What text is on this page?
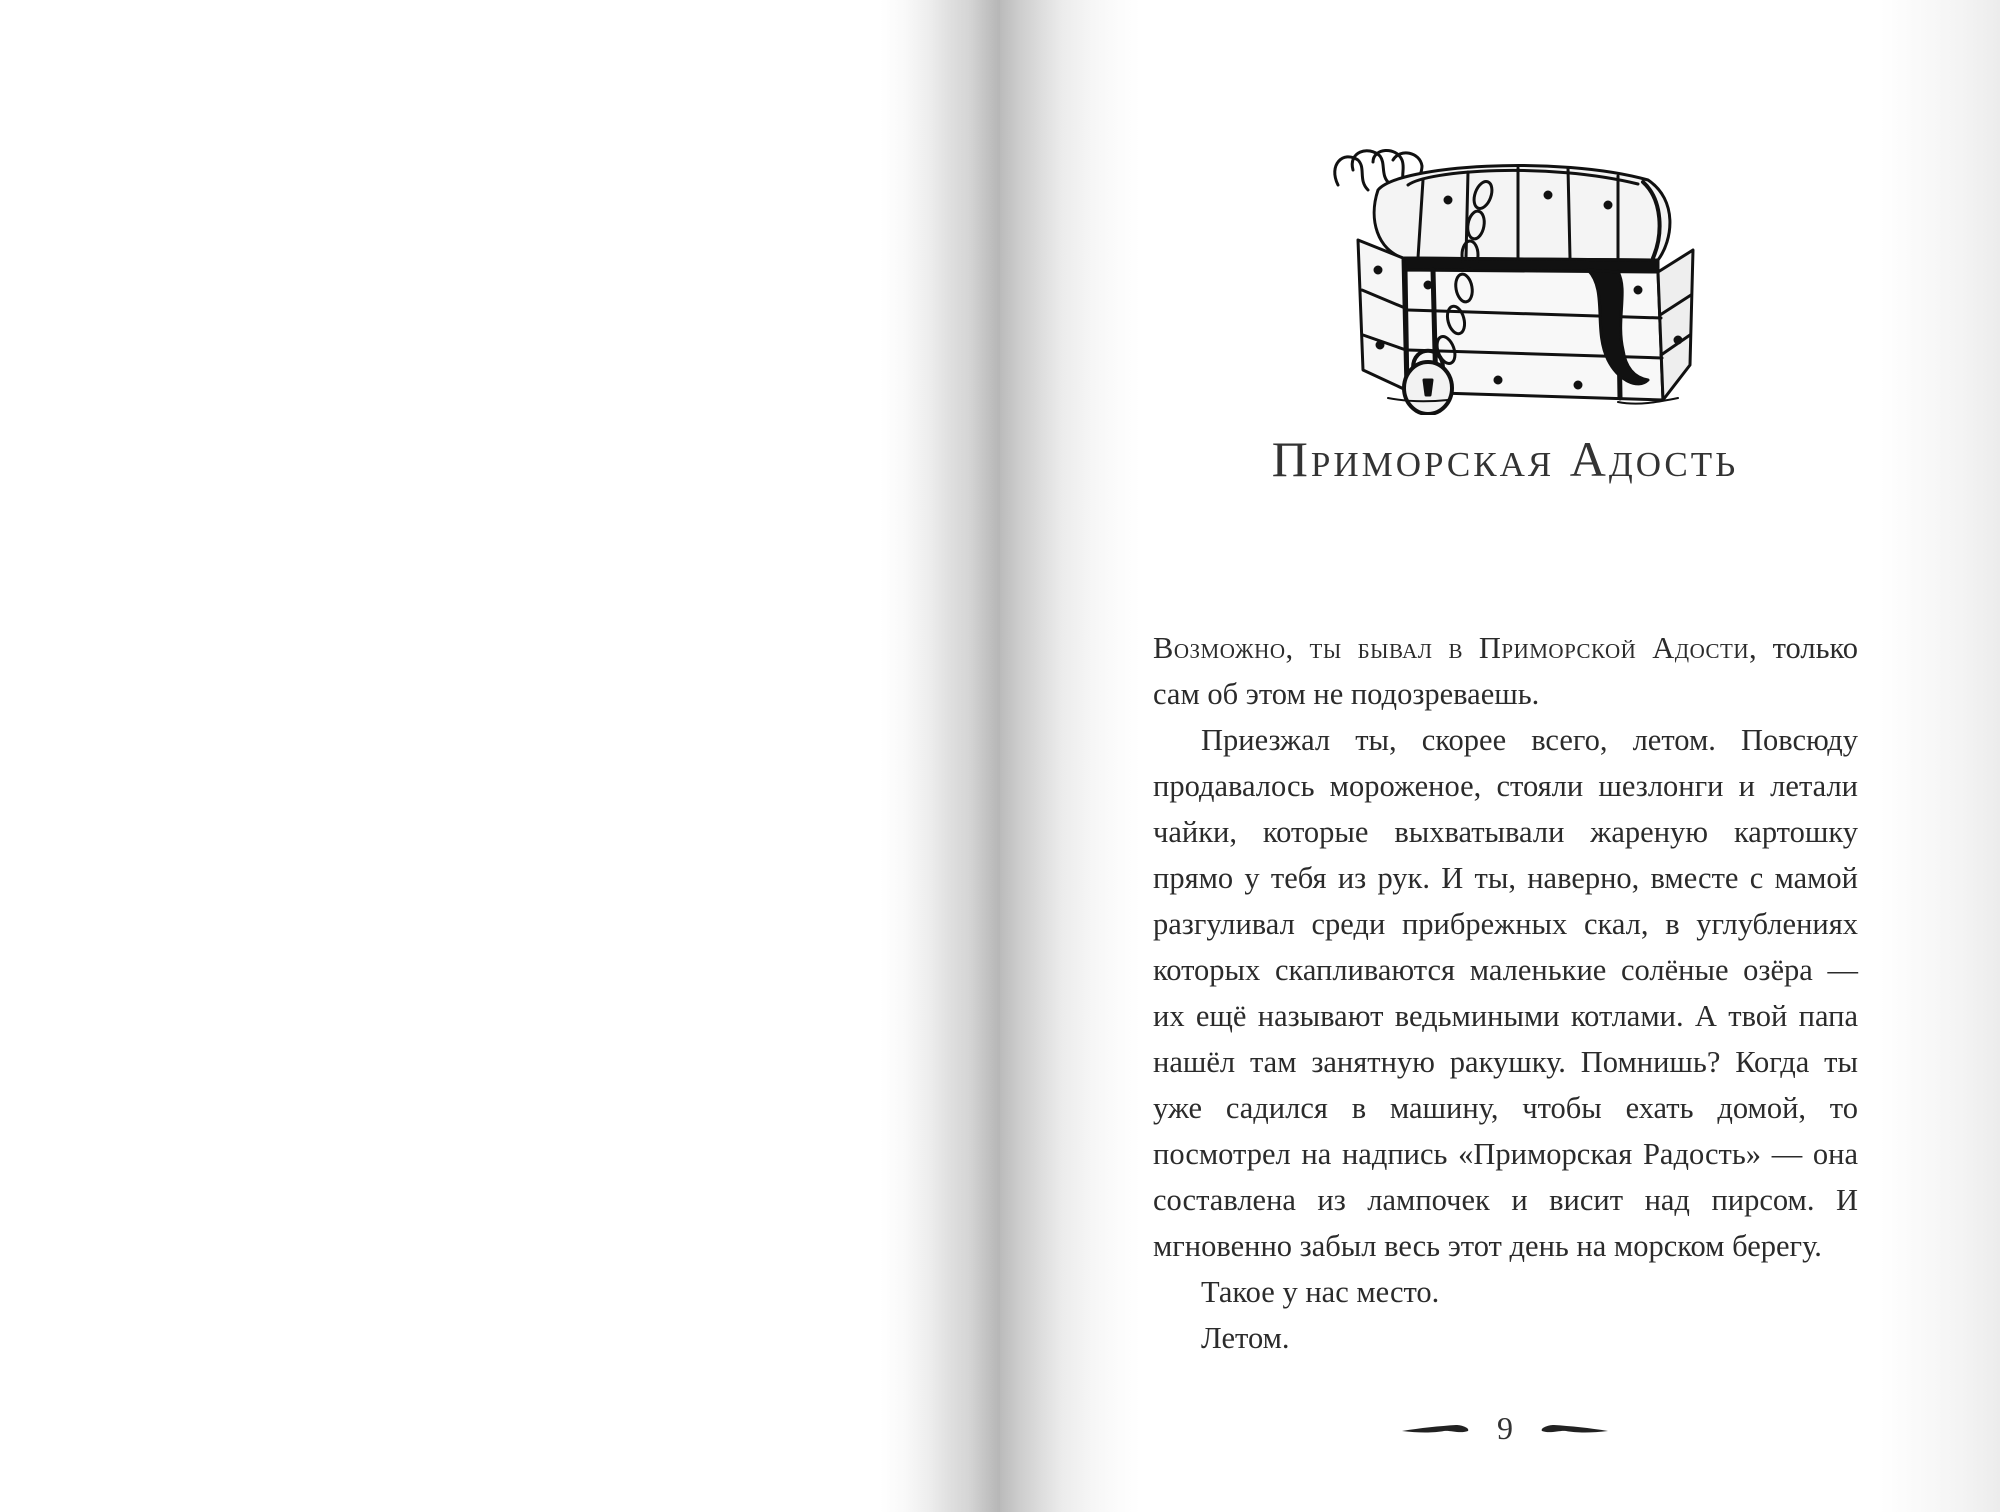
Приморская Адость

Возможно, ты бывал в Приморской Адости, только сам об этом не подозреваешь.

Приезжал ты, скорее всего, летом. Повсюду продавалось мороженое, стояли шезлонги и летали чайки, которые выхватывали жареную картошку прямо у тебя из рук. И ты, наверно, вместе с мамой разгуливал среди прибрежных скал, в углублениях которых скапливаются маленькие солёные озёра — их ещё называют ведьмиными котлами. А твой папа нашёл там занятную ракушку. Помнишь? Когда ты уже садился в машину, чтобы ехать домой, то посмотрел на надпись «Приморская Радость» — она составлена из лампочек и висит над пирсом. И мгновенно забыл весь этот день на морском берегу.

Такое у нас место.

Летом.

9
